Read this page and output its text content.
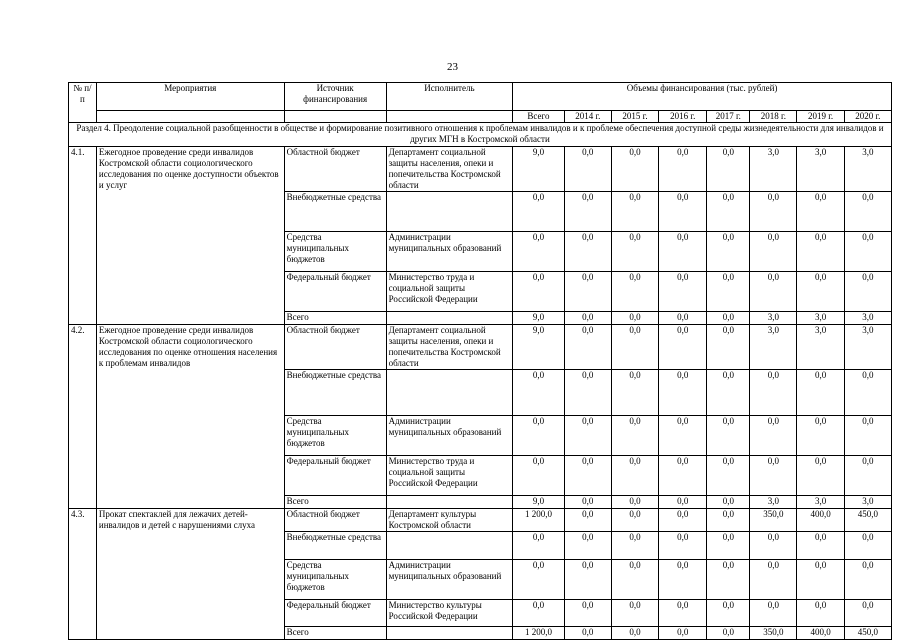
23
№ п/п	Мероприятия	Источник финансирования	Исполнитель	Объемы финансирования (тыс. рублей)							
				Всего	2014 г.	2015 г.	2016 г.	2017 г.	2018 г.	2019 г.	2020 г.
Раздел 4. Преодоление социальной разобщенности в обществе и формирование позитивного отношения к проблемам инвалидов и к проблеме обеспечения доступной среды жизнедеятельности для инвалидов и других МГН в Костромской области											
4.1.	Ежегодное проведение среди инвалидов Костромской области социологического исследования по оценке доступности объектов и услуг	Областной бюджет	Департамент социальной защиты населения, опеки и попечительства Костромской области	9,0	0,0	0,0	0,0	0,0	3,0	3,0	3,0
		Внебюджетные средства		0,0	0,0	0,0	0,0	0,0	0,0	0,0	0,0
		Средства муниципальных бюджетов	Администрации муниципальных образований	0,0	0,0	0,0	0,0	0,0	0,0	0,0	0,0
		Федеральный бюджет	Министерство труда и социальной защиты Российской Федерации	0,0	0,0	0,0	0,0	0,0	0,0	0,0	0,0
		Всего		9,0	0,0	0,0	0,0	0,0	3,0	3,0	3,0
4.2.	Ежегодное проведение среди инвалидов Костромской области социологического исследования по оценке отношения населения к проблемам инвалидов	Областной бюджет	Департамент социальной защиты населения, опеки и попечительства Костромской области	9,0	0,0	0,0	0,0	0,0	3,0	3,0	3,0
		Внебюджетные средства		0,0	0,0	0,0	0,0	0,0	0,0	0,0	0,0
		Средства муниципальных бюджетов	Администрации муниципальных образований	0,0	0,0	0,0	0,0	0,0	0,0	0,0	0,0
		Федеральный бюджет	Министерство труда и социальной защиты Российской Федерации	0,0	0,0	0,0	0,0	0,0	0,0	0,0	0,0
		Всего		9,0	0,0	0,0	0,0	0,0	3,0	3,0	3,0
4.3.	Прокат спектаклей для лежачих детей-инвалидов и детей с нарушениями слуха	Областной бюджет	Департамент культуры Костромской области	1 200,0	0,0	0,0	0,0	0,0	350,0	400,0	450,0
		Внебюджетные средства		0,0	0,0	0,0	0,0	0,0	0,0	0,0	0,0
		Средства муниципальных бюджетов	Администрации муниципальных образований	0,0	0,0	0,0	0,0	0,0	0,0	0,0	0,0
		Федеральный бюджет	Министерство культуры Российской Федерации	0,0	0,0	0,0	0,0	0,0	0,0	0,0	0,0
		Всего		1 200,0	0,0	0,0	0,0	0,0	350,0	400,0	450,0
